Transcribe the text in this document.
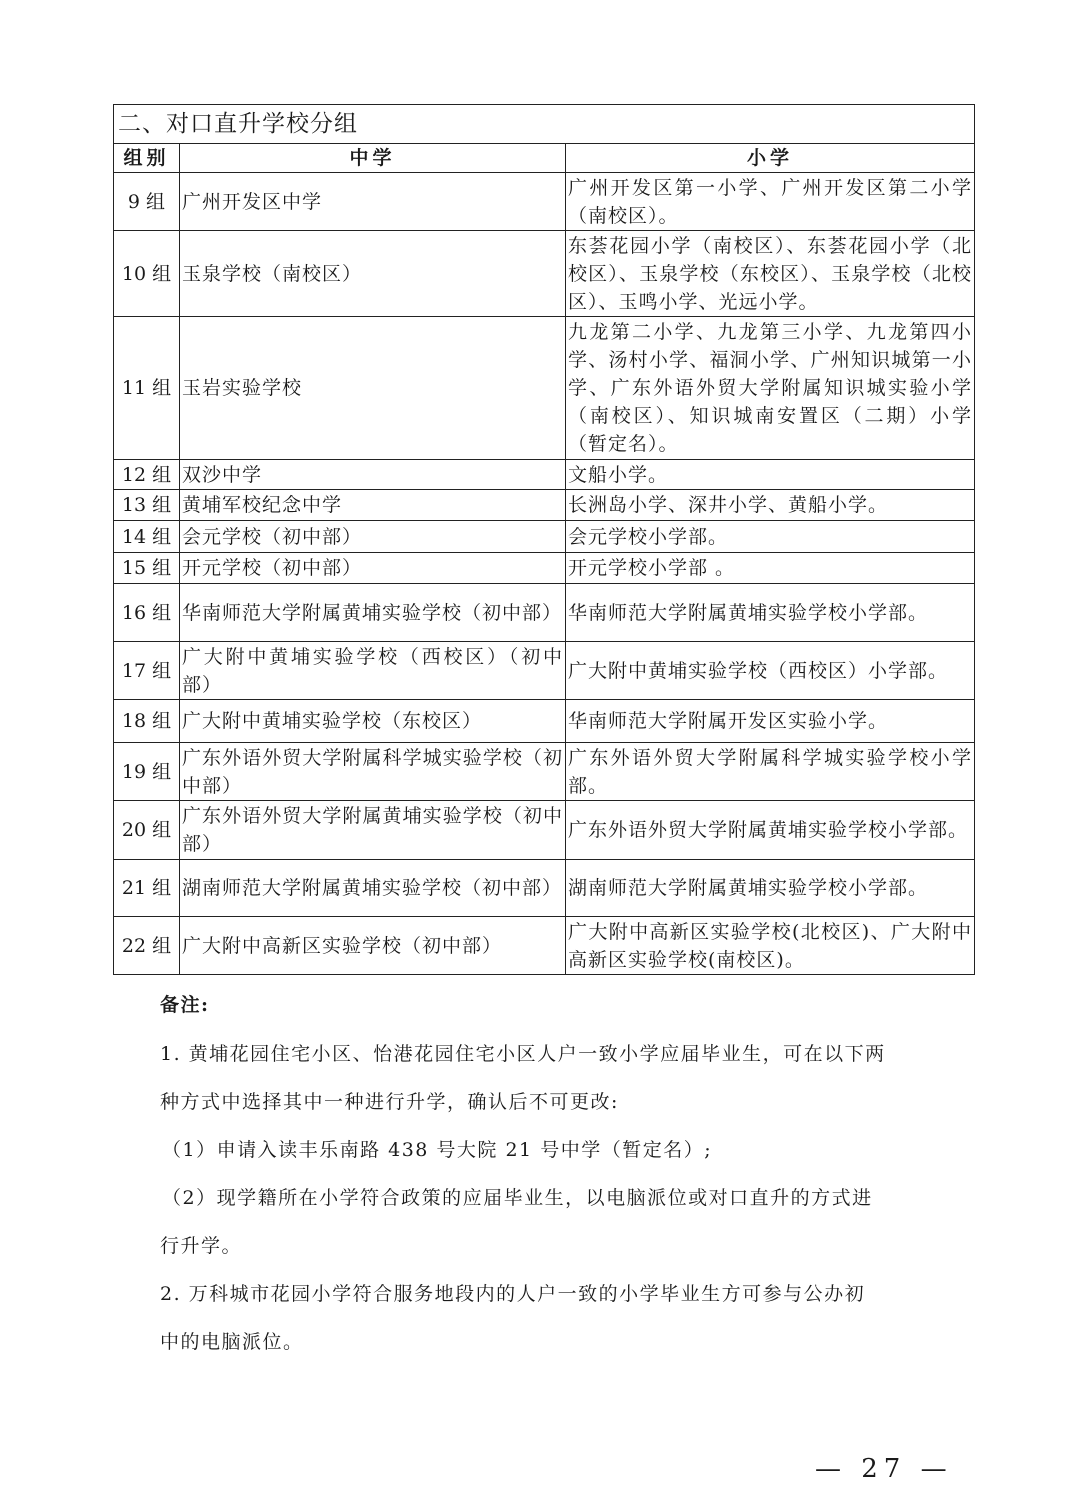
二、对口直升学校分组		
组别	中学	小学
9 组	广州开发区中学	广州开发区第一小学、广州开发区第二小学（南校区）。
10 组	玉泉学校（南校区）	东荟花园小学（南校区）、东荟花园小学（北校区）、玉泉学校（东校区）、玉泉学校（北校区）、玉鸣小学、光远小学。
11 组	玉岩实验学校	九龙第二小学、九龙第三小学、九龙第四小学、汤村小学、福洞小学、广州知识城第一小学、广东外语外贸大学附属知识城实验小学（南校区）、知识城南安置区（二期）小学（暂定名）。
12 组	双沙中学	文船小学。
13 组	黄埔军校纪念中学	长洲岛小学、深井小学、黄船小学。
14 组	会元学校（初中部）	会元学校小学部。
15 组	开元学校（初中部）	开元学校小学部 。
16 组	华南师范大学附属黄埔实验学校（初中部）	华南师范大学附属黄埔实验学校小学部。
17 组	广大附中黄埔实验学校（西校区）（初中部）	广大附中黄埔实验学校（西校区）小学部。
18 组	广大附中黄埔实验学校（东校区）	华南师范大学附属开发区实验小学。
19 组	广东外语外贸大学附属科学城实验学校（初中部）	广东外语外贸大学附属科学城实验学校小学部。
20 组	广东外语外贸大学附属黄埔实验学校（初中部）	广东外语外贸大学附属黄埔实验学校小学部。
21 组	湖南师范大学附属黄埔实验学校（初中部）	湖南师范大学附属黄埔实验学校小学部。
22 组	广大附中高新区实验学校（初中部）	广大附中高新区实验学校(北校区)、广大附中高新区实验学校(南校区)。

备注:

1. 黄埔花园住宅小区、怡港花园住宅小区人户一致小学应届毕业生，可在以下两

种方式中选择其中一种进行升学，确认后不可更改:

（1）申请入读丰乐南路 438 号大院 21 号中学（暂定名）;

（2）现学籍所在小学符合政策的应届毕业生，以电脑派位或对口直升的方式进

行升学。

2. 万科城市花园小学符合服务地段内的人户一致的小学毕业生方可参与公办初

中的电脑派位。

— 27 —
